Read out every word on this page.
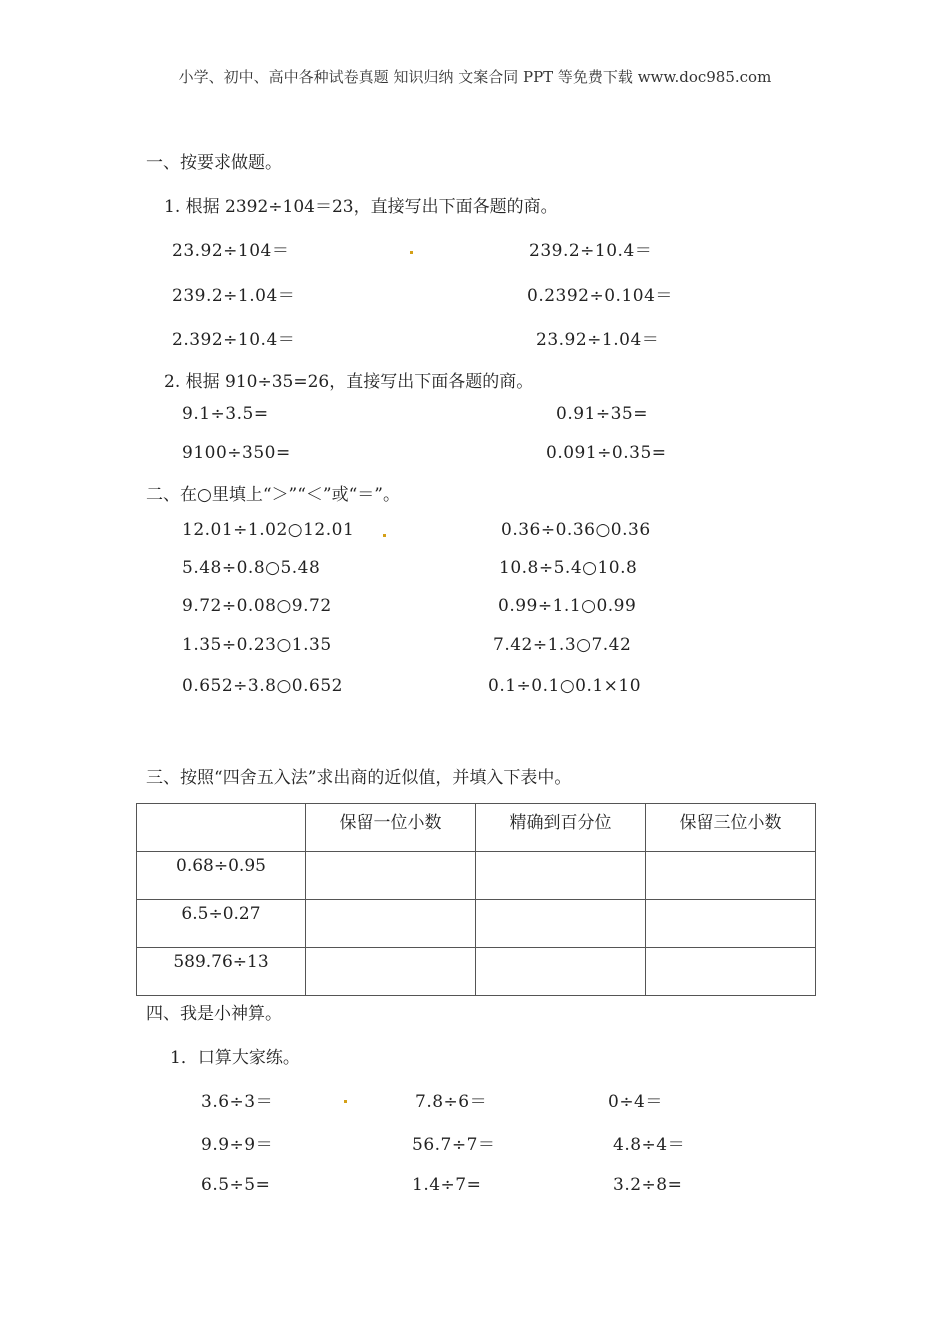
小学、初中、高中各种试卷真题 知识归纳 文案合同 PPT 等免费下载 www.doc985.com
一、按要求做题。
1. 根据 2392÷104＝23，直接写出下面各题的商。
23.92÷104＝	239.2÷10.4＝
239.2÷1.04＝	0.2392÷0.104＝
2.392÷10.4＝	23.92÷1.04＝
2. 根据 910÷35=26，直接写出下面各题的商。
9.1÷3.5=	0.91÷35=
9100÷350=	0.091÷0.35=
二、在○里填上“＞”“＜”或“＝”。
12.01÷1.02○12.01	0.36÷0.36○0.36
5.48÷0.8○5.48	10.8÷5.4○10.8
9.72÷0.08○9.72	0.99÷1.1○0.99
1.35÷0.23○1.35	7.42÷1.3○7.42
0.652÷3.8○0.652	0.1÷0.1○0.1×10
三、按照“四舍五入法”求出商的近似值，并填入下表中。
	保留一位小数	精确到百分位	保留三位小数
0.68÷0.95			
6.5÷0.27			
589.76÷13			
四、我是小神算。
1．口算大家练。
3.6÷3＝	7.8÷6＝	0÷4＝
9.9÷9＝	56.7÷7＝	4.8÷4＝
6.5÷5=	1.4÷7=	3.2÷8=
